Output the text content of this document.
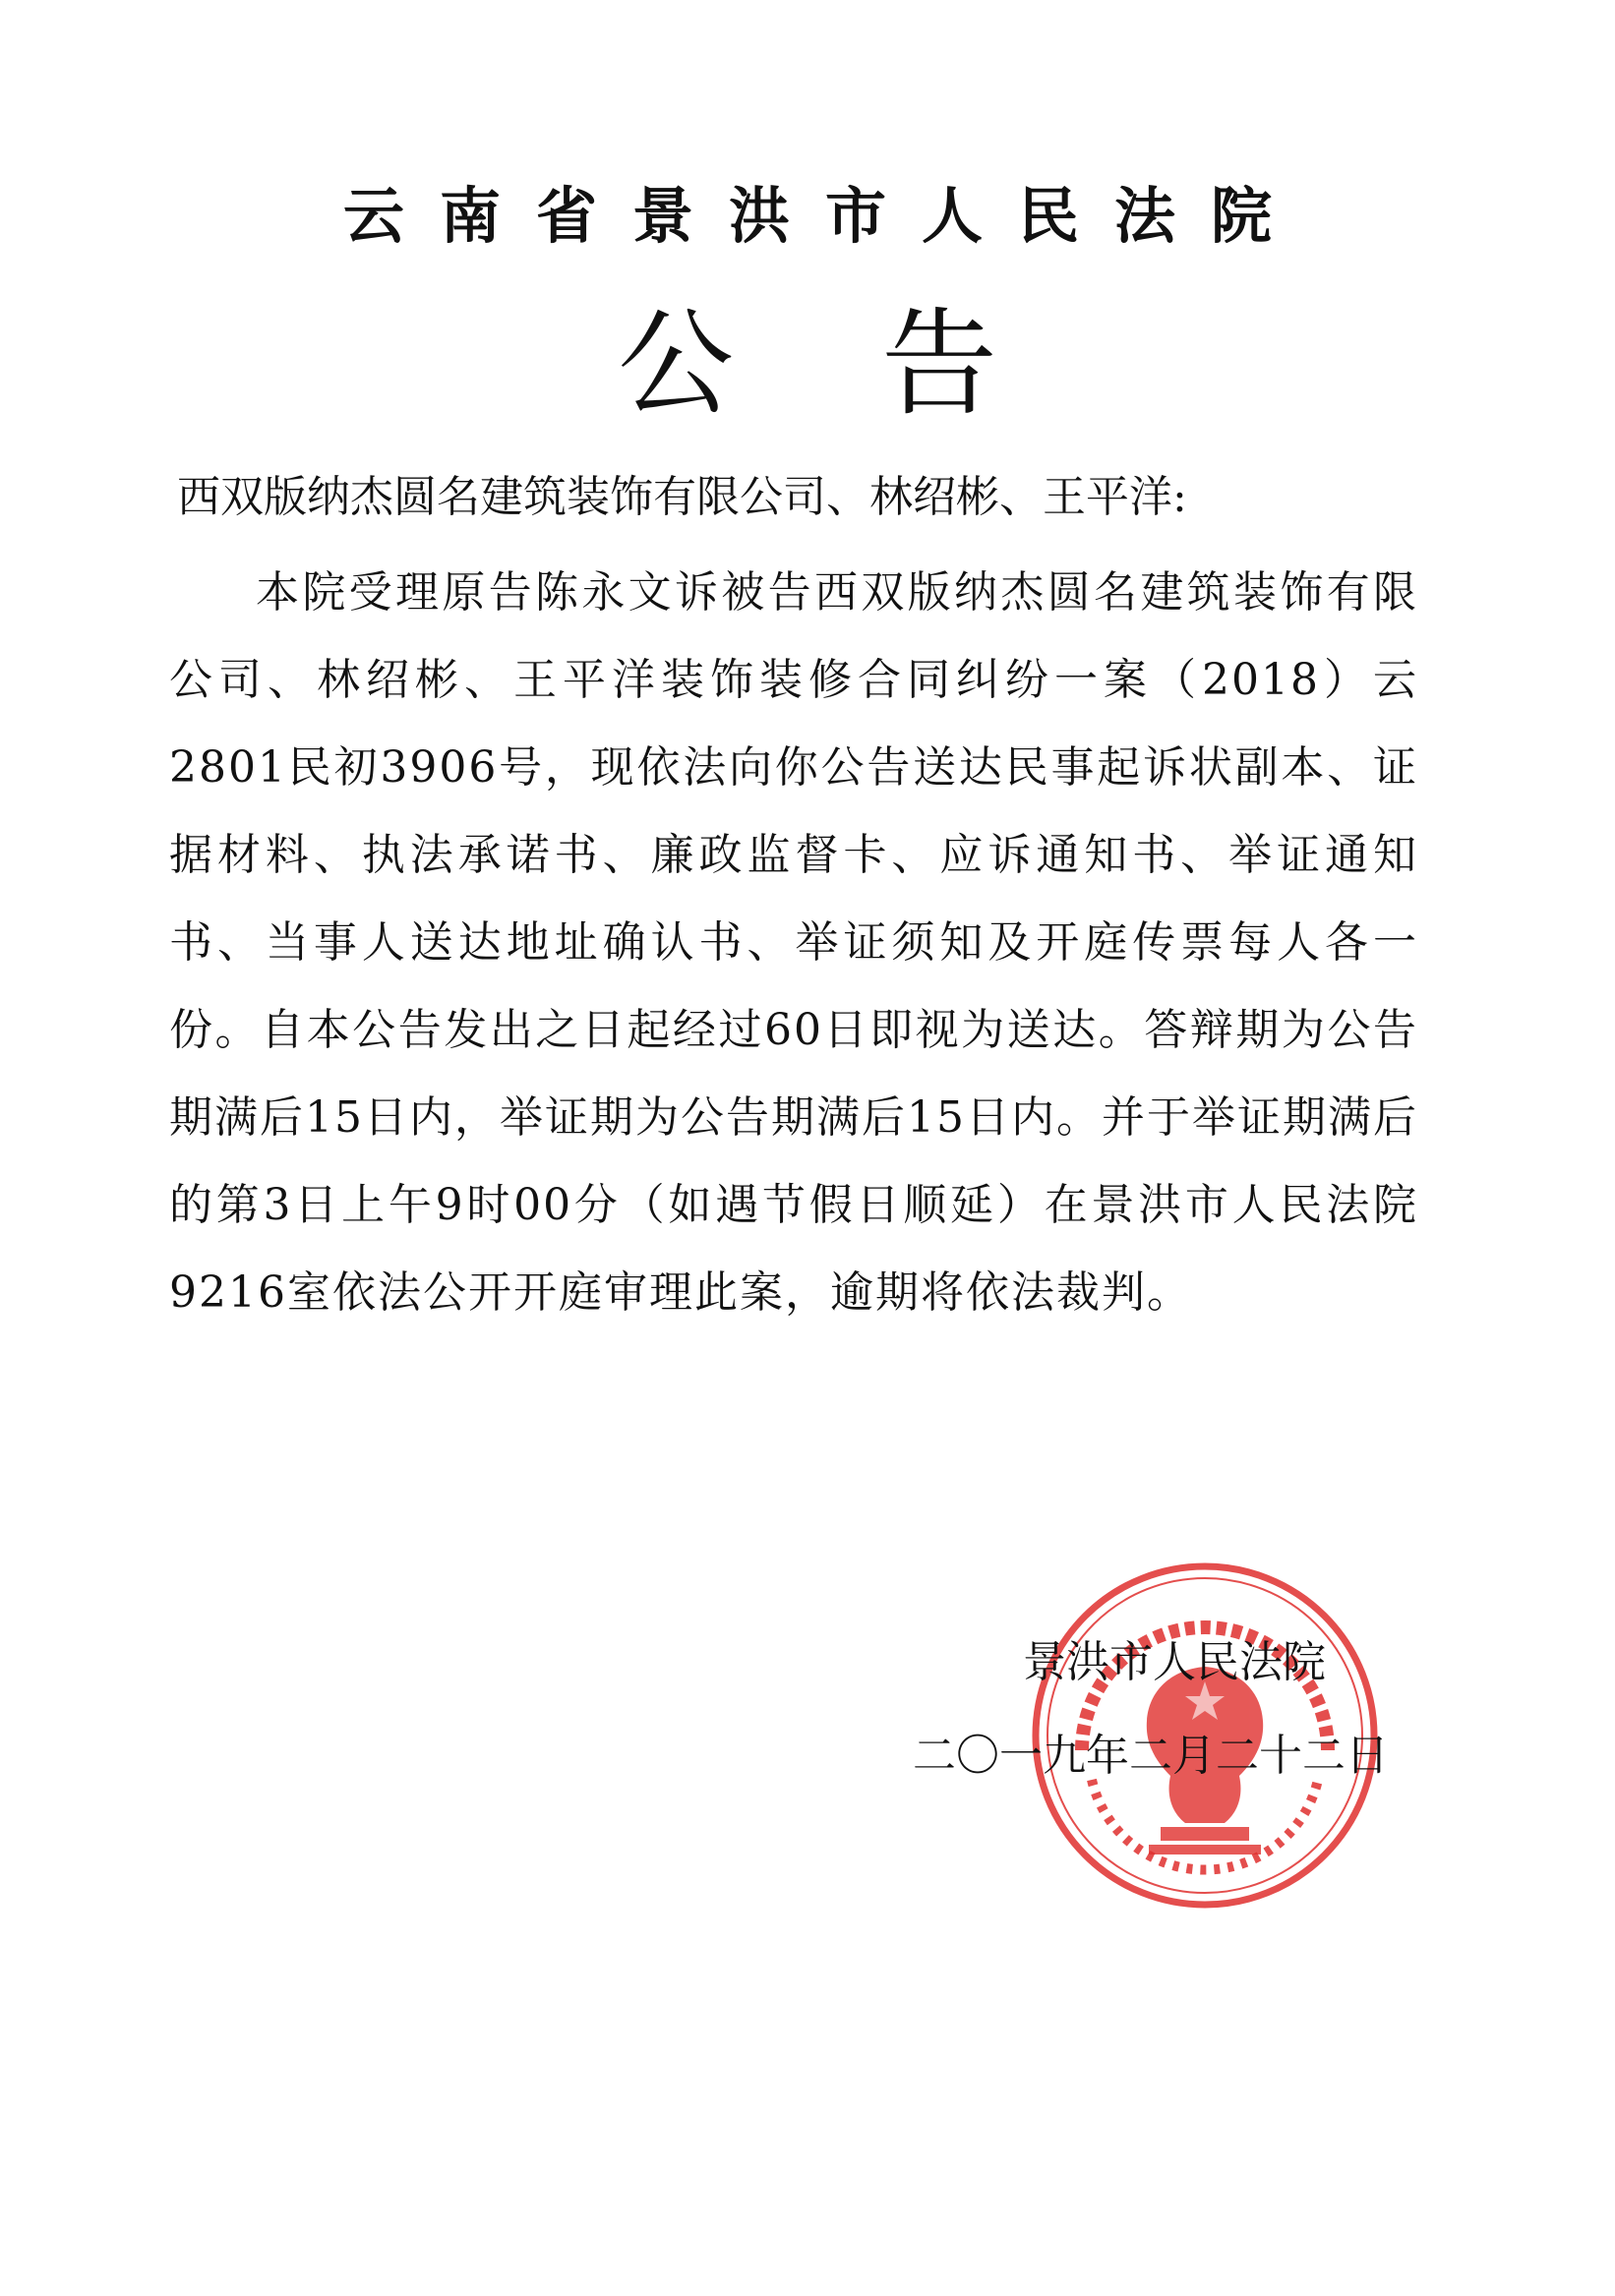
云南省景洪市人民法院
公告
西双版纳杰圆名建筑装饰有限公司、林绍彬、王平洋:
本院受理原告陈永文诉被告西双版纳杰圆名建筑装饰有限公司、林绍彬、王平洋装饰装修合同纠纷一案（2018）云2801民初3906号，现依法向你公告送达民事起诉状副本、证据材料、执法承诺书、廉政监督卡、应诉通知书、举证通知书、当事人送达地址确认书、举证须知及开庭传票每人各一份。自本公告发出之日起经过60日即视为送达。答辩期为公告期满后15日内，举证期为公告期满后15日内。并于举证期满后的第3日上午9时00分（如遇节假日顺延）在景洪市人民法院9216室依法公开开庭审理此案，逾期将依法裁判。
景洪市人民法院
二〇一九年二月二十二日
